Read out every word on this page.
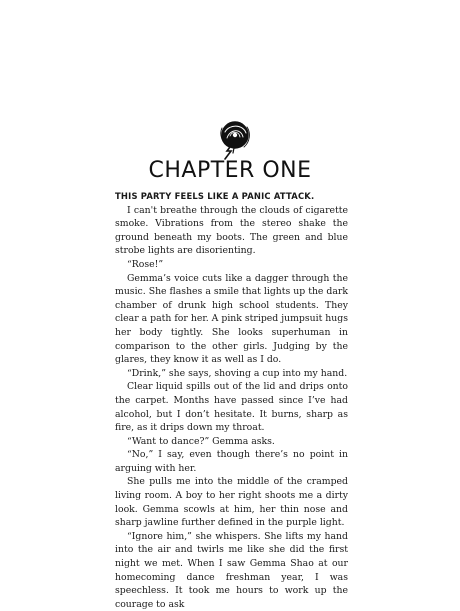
CHAPTER ONE

THIS PARTY FEELS LIKE A PANIC ATTACK.

I can't breathe through the clouds of cigarette smoke. Vibrations from the stereo shake the ground beneath my boots. The green and blue strobe lights are disorienting.

“Rose!”

Gemma’s voice cuts like a dagger through the music. She flashes a smile that lights up the dark chamber of drunk high school students. They clear a path for her. A pink striped jumpsuit hugs her body tightly. She looks superhuman in comparison to the other girls. Judging by the glares, they know it as well as I do.

“Drink,” she says, shoving a cup into my hand.

Clear liquid spills out of the lid and drips onto the carpet. Months have passed since I’ve had alcohol, but I don’t hesitate. It burns, sharp as fire, as it drips down my throat.

“Want to dance?” Gemma asks.

“No,” I say, even though there’s no point in arguing with her.

She pulls me into the middle of the cramped living room. A boy to her right shoots me a dirty look. Gemma scowls at him, her thin nose and sharp jawline further defined in the purple light.

“Ignore him,” she whispers. She lifts my hand into the air and twirls me like she did the first night we met. When I saw Gemma Shao at our homecoming dance freshman year, I was speechless. It took me hours to work up the courage to ask
